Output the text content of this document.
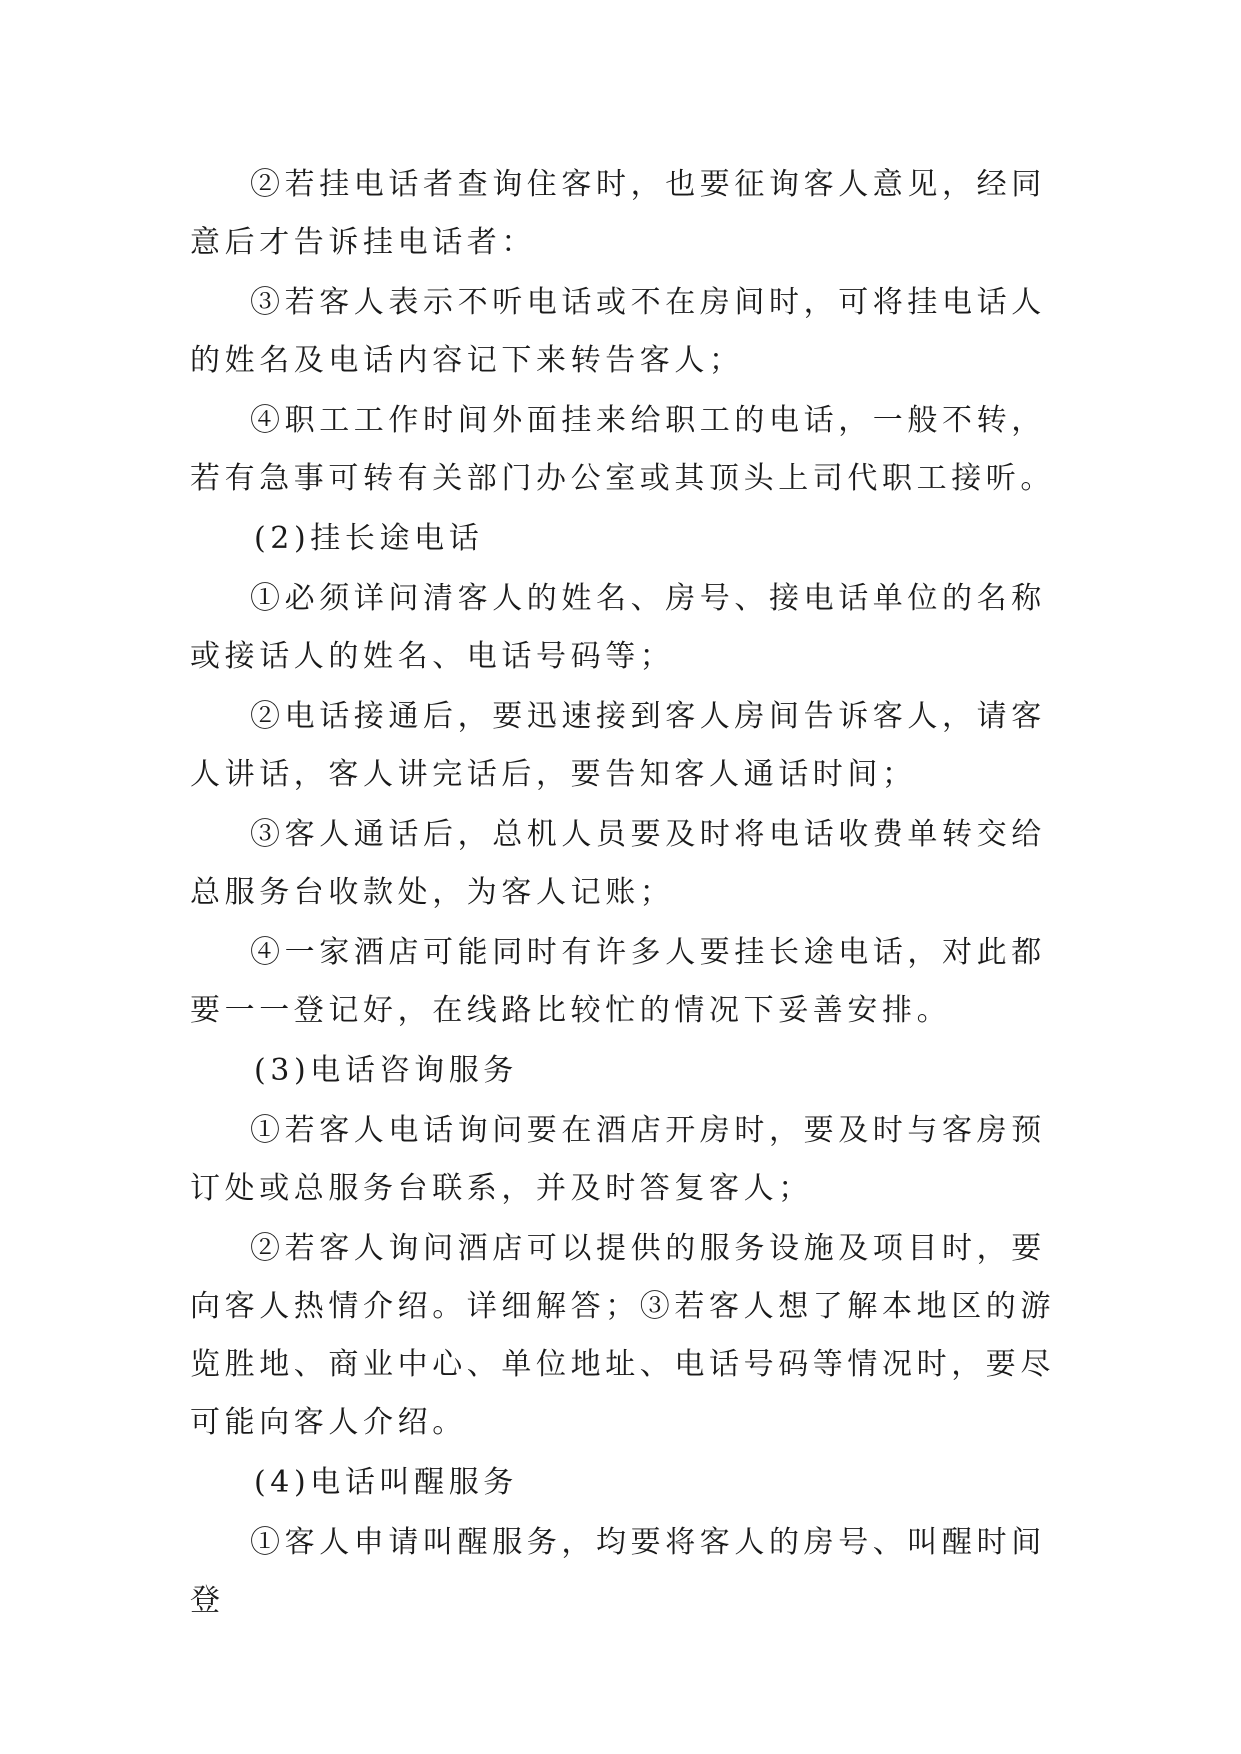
②若挂电话者查询住客时，也要征询客人意见，经同意后才告诉挂电话者：

③若客人表示不听电话或不在房间时，可将挂电话人的姓名及电话内容记下来转告客人；

④职工工作时间外面挂来给职工的电话，一般不转，若有急事可转有关部门办公室或其顶头上司代职工接听。

(2)挂长途电话

①必须详问清客人的姓名、房号、接电话单位的名称或接话人的姓名、电话号码等；

②电话接通后，要迅速接到客人房间告诉客人，请客人讲话，客人讲完话后，要告知客人通话时间；

③客人通话后，总机人员要及时将电话收费单转交给总服务台收款处，为客人记账；

④一家酒店可能同时有许多人要挂长途电话，对此都要一一登记好，在线路比较忙的情况下妥善安排。

(3)电话咨询服务

①若客人电话询问要在酒店开房时，要及时与客房预订处或总服务台联系，并及时答复客人；

②若客人询问酒店可以提供的服务设施及项目时，要向客人热情介绍。详细解答；③若客人想了解本地区的游览胜地、商业中心、单位地址、电话号码等情况时，要尽可能向客人介绍。

(4)电话叫醒服务

①客人申请叫醒服务，均要将客人的房号、叫醒时间登
